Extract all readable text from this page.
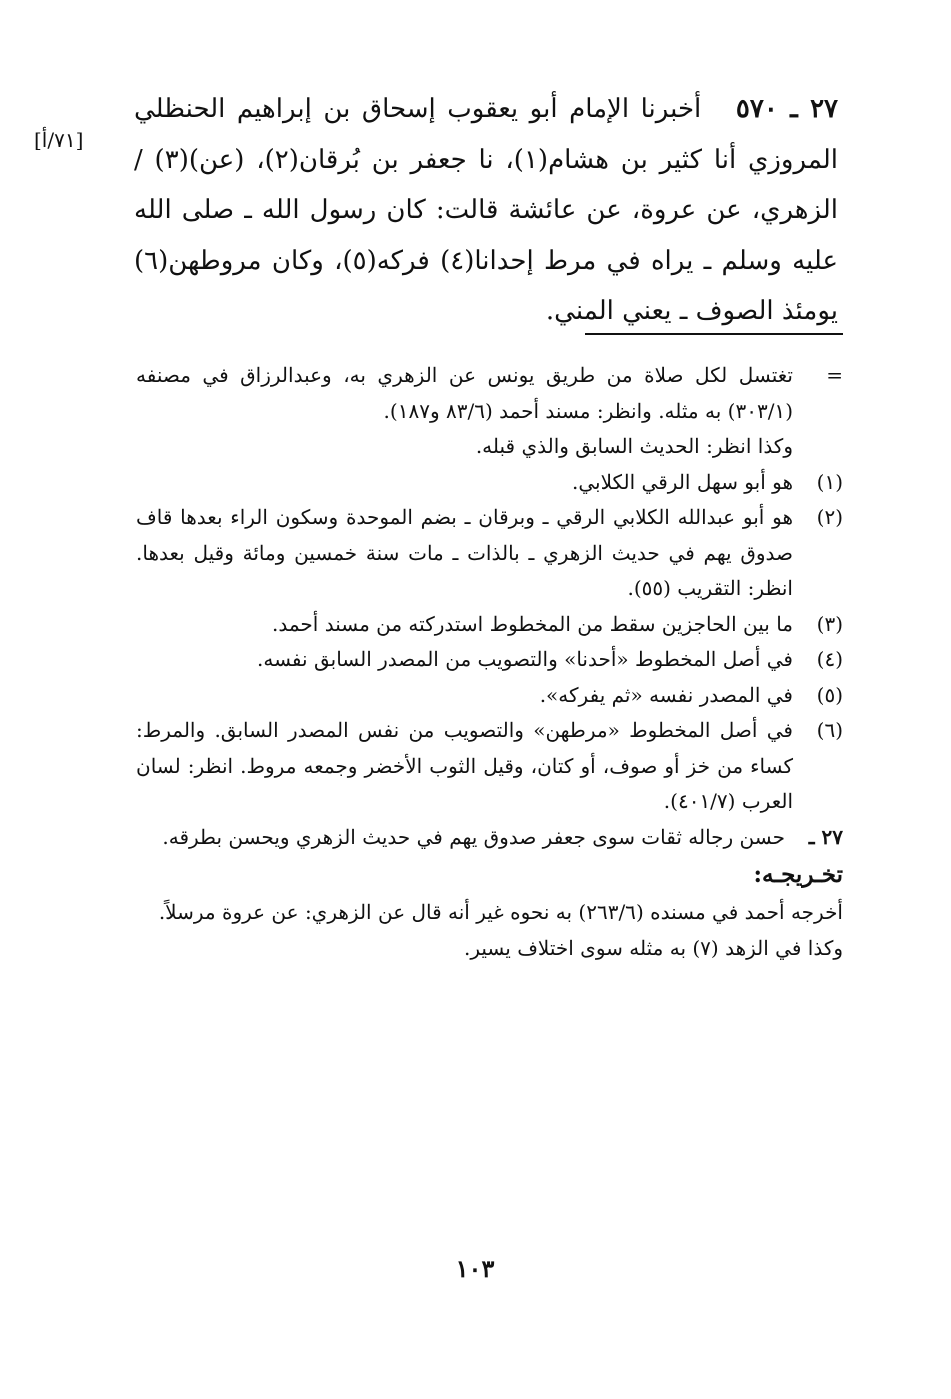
[٧١/أ]
٢٧ ـ ٥٧٠   أخبرنا الإمام أبو يعقوب إسحاق بن إبراهيم الحنظلي المروزي أنا كثير بن هشام(١)، نا جعفر بن بُرقان(٢)، (عن)(٣) / الزهري، عن عروة، عن عائشة قالت: كان رسول الله ـ صلى الله عليه وسلم ـ يراه في مرط إحدانا(٤) فركه(٥)، وكان مروطهن(٦) يومئذ الصوف ـ يعني المني.
=
تغتسل لكل صلاة من طريق يونس عن الزهري به، وعبدالرزاق في مصنفه (٣٠٣/١) به مثله. وانظر: مسند أحمد (٨٣/٦ و١٨٧).
وكذا انظر: الحديث السابق والذي قبله.
(١)
هو أبو سهل الرقي الكلابي.
(٢)
هو أبو عبدالله الكلابي الرقي ـ وبرقان ـ بضم الموحدة وسكون الراء بعدها قاف صدوق يهم في حديث الزهري ـ بالذات ـ مات سنة خمسين ومائة وقيل بعدها. انظر: التقريب (٥٥).
(٣)
ما بين الحاجزين سقط من المخطوط استدركته من مسند أحمد.
(٤)
في أصل المخطوط «أحدنا» والتصويب من المصدر السابق نفسه.
(٥)
في المصدر نفسه «ثم يفركه».
(٦)
في أصل المخطوط «مرطهن» والتصويب من نفس المصدر السابق. والمرط: كساء من خز أو صوف، أو كتان، وقيل الثوب الأخضر وجمعه مروط. انظر: لسان العرب (٤٠١/٧).
٢٧ ـ
حسن رجاله ثقات سوى جعفر صدوق يهم في حديث الزهري ويحسن بطرقه.
تخـريجـه:
أخرجه أحمد في مسنده (٢٦٣/٦) به نحوه غير أنه قال عن الزهري: عن عروة مرسلاً.
وكذا في الزهد (٧) به مثله سوى اختلاف يسير.
١٠٣
